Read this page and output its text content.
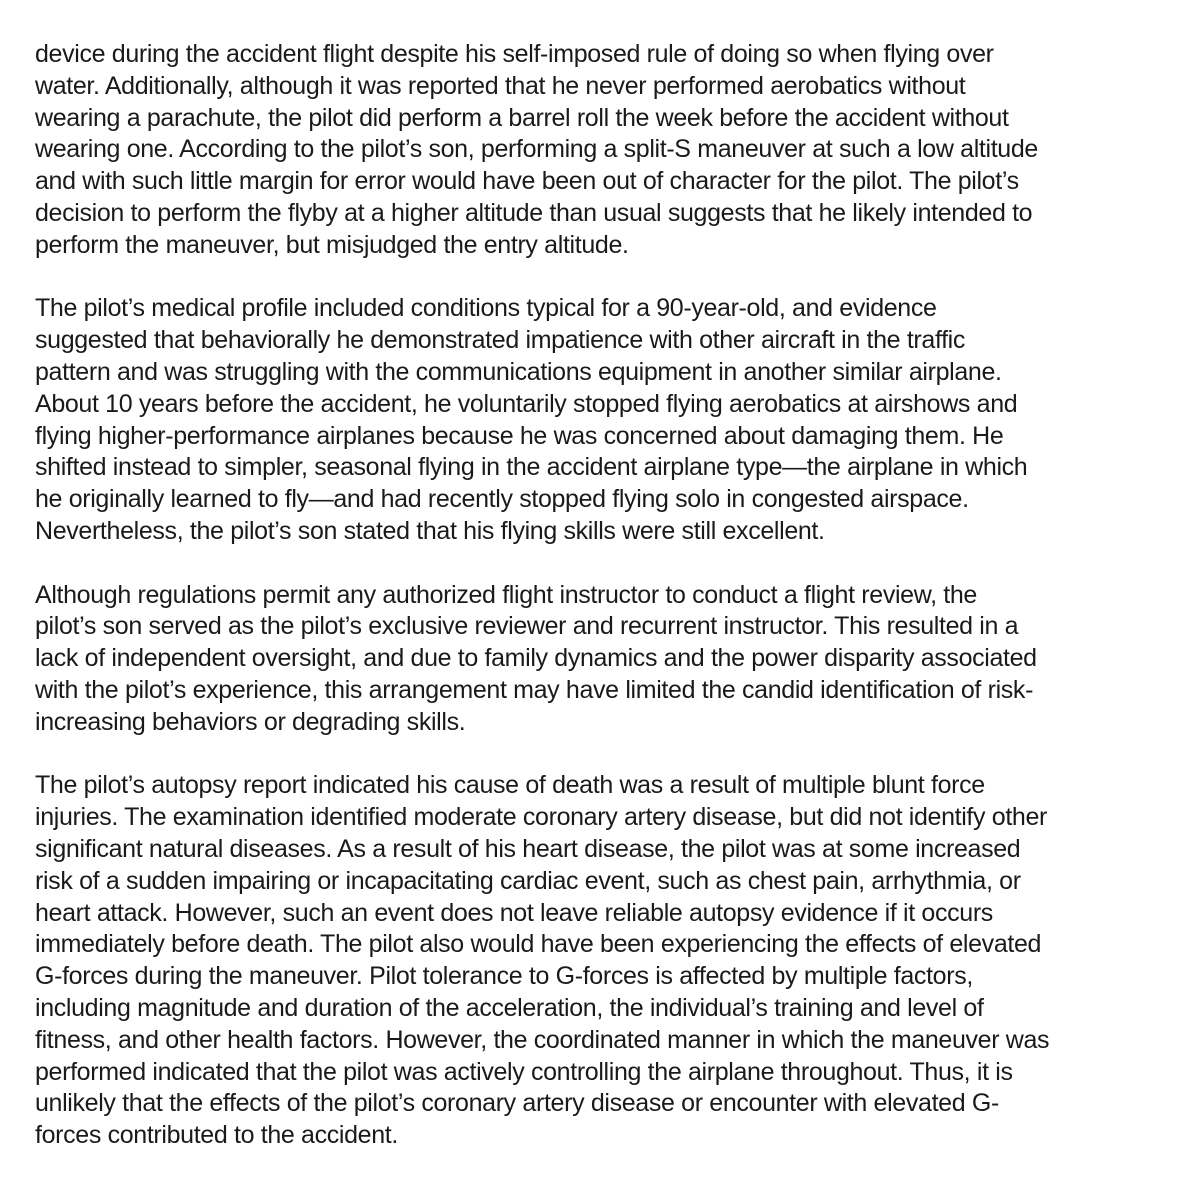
device during the accident flight despite his self-imposed rule of doing so when flying over
water. Additionally, although it was reported that he never performed aerobatics without
wearing a parachute, the pilot did perform a barrel roll the week before the accident without
wearing one. According to the pilot’s son, performing a split-S maneuver at such a low altitude
and with such little margin for error would have been out of character for the pilot. The pilot’s
decision to perform the flyby at a higher altitude than usual suggests that he likely intended to
perform the maneuver, but misjudged the entry altitude.

The pilot’s medical profile included conditions typical for a 90-year-old, and evidence
suggested that behaviorally he demonstrated impatience with other aircraft in the traffic
pattern and was struggling with the communications equipment in another similar airplane.
About 10 years before the accident, he voluntarily stopped flying aerobatics at airshows and
flying higher-performance airplanes because he was concerned about damaging them. He
shifted instead to simpler, seasonal flying in the accident airplane type—the airplane in which
he originally learned to fly—and had recently stopped flying solo in congested airspace.
Nevertheless, the pilot’s son stated that his flying skills were still excellent.

Although regulations permit any authorized flight instructor to conduct a flight review, the
pilot’s son served as the pilot’s exclusive reviewer and recurrent instructor. This resulted in a
lack of independent oversight, and due to family dynamics and the power disparity associated
with the pilot’s experience, this arrangement may have limited the candid identification of risk-
increasing behaviors or degrading skills.

The pilot’s autopsy report indicated his cause of death was a result of multiple blunt force
injuries. The examination identified moderate coronary artery disease, but did not identify other
significant natural diseases. As a result of his heart disease, the pilot was at some increased
risk of a sudden impairing or incapacitating cardiac event, such as chest pain, arrhythmia, or
heart attack. However, such an event does not leave reliable autopsy evidence if it occurs
immediately before death. The pilot also would have been experiencing the effects of elevated
G-forces during the maneuver. Pilot tolerance to G-forces is affected by multiple factors,
including magnitude and duration of the acceleration, the individual’s training and level of
fitness, and other health factors. However, the coordinated manner in which the maneuver was
performed indicated that the pilot was actively controlling the airplane throughout. Thus, it is
unlikely that the effects of the pilot’s coronary artery disease or encounter with elevated G-
forces contributed to the accident.
